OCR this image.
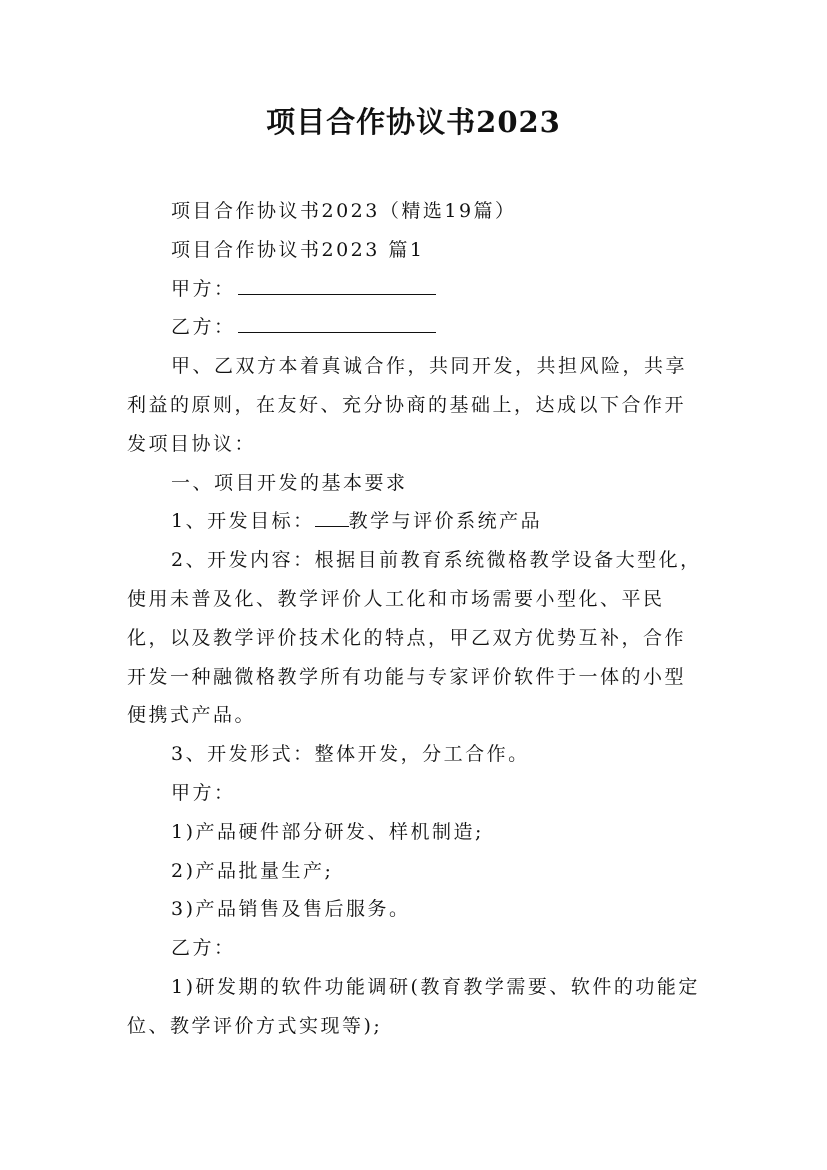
项目合作协议书2023

项目合作协议书2023（精选19篇）

项目合作协议书2023 篇1

甲方：

乙方：

甲、乙双方本着真诚合作，共同开发，共担风险，共享利益的原则，在友好、充分协商的基础上，达成以下合作开发项目协议：

一、项目开发的基本要求

1、开发目标： 教学与评价系统产品

2、开发内容：根据目前教育系统微格教学设备大型化，使用未普及化、教学评价人工化和市场需要小型化、平民化，以及教学评价技术化的特点，甲乙双方优势互补，合作开发一种融微格教学所有功能与专家评价软件于一体的小型便携式产品。

3、开发形式：整体开发，分工合作。

甲方：

1)产品硬件部分研发、样机制造;

2)产品批量生产;

3)产品销售及售后服务。

乙方：

1)研发期的软件功能调研(教育教学需要、软件的功能定位、教学评价方式实现等);
